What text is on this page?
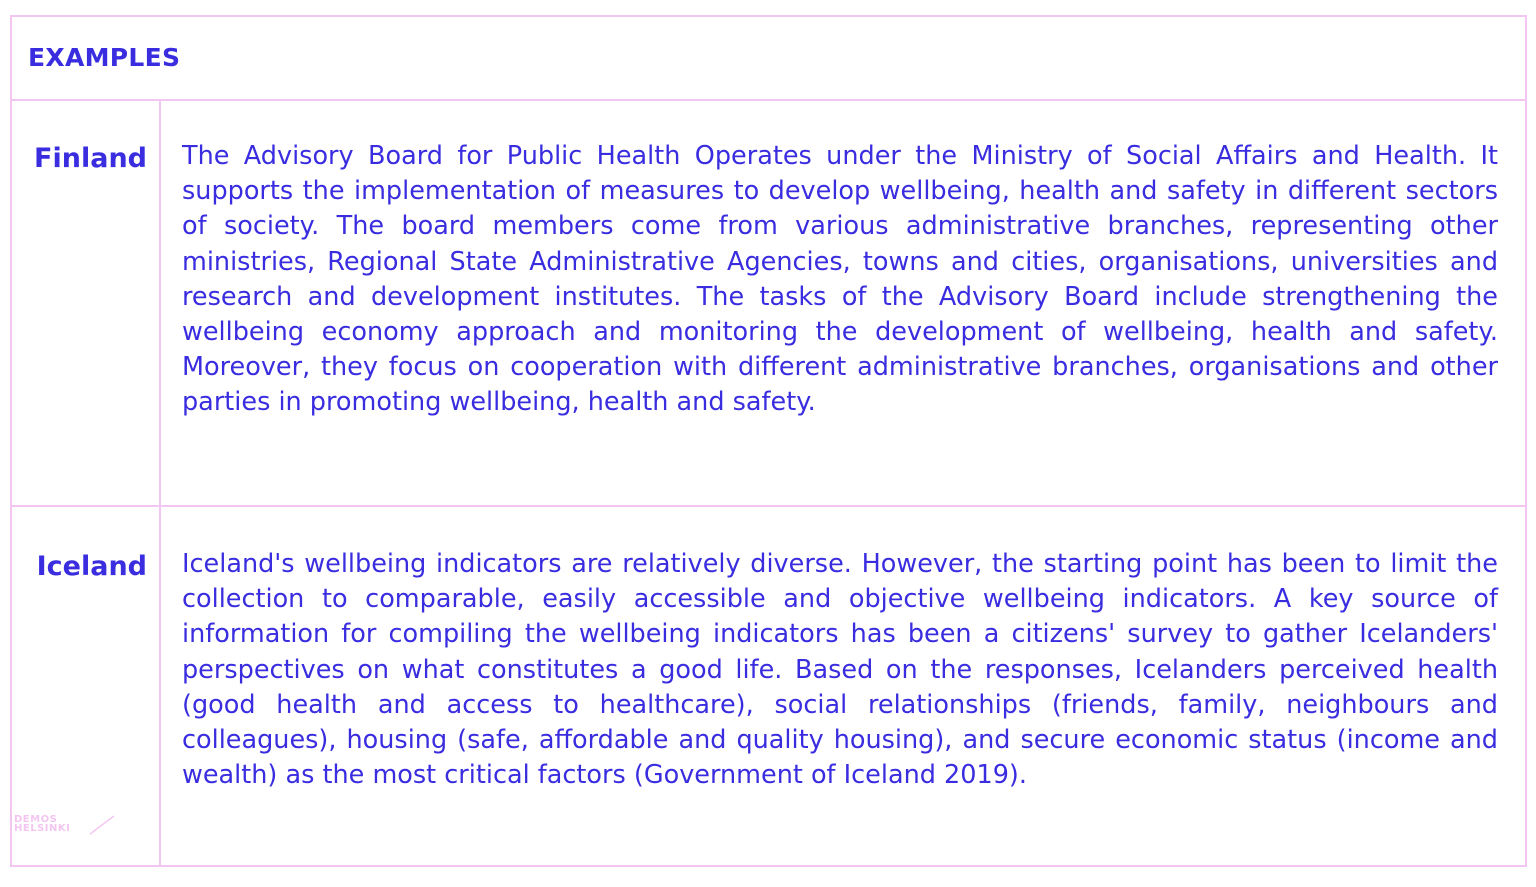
EXAMPLES
Finland The Advisory Board for Public Health Operates under the Ministry of Social Affairs and Health. It supports the implementation of measures to develop wellbeing, health and safety in different sectors of society. The board members come from various administrative branches, representing other ministries, Regional State Administrative Agencies, towns and cities, organisations, universities and research and development institutes. The tasks of the Advisory Board include strengthening the wellbeing economy approach and monitoring the development of wellbeing, health and safety. Moreover, they focus on cooperation with different administrative branches, organisations and other parties in promoting wellbeing, health and safety.

Iceland Iceland's wellbeing indicators are relatively diverse. However, the starting point has been to limit the collection to comparable, easily accessible and objective wellbeing indicators. A key source of information for compiling the wellbeing indicators has been a citizens' survey to gather Icelanders' perspectives on what constitutes a good life. Based on the responses, Icelanders perceived health (good health and access to healthcare), social relationships (friends, family, neighbours and colleagues), housing (safe, affordable and quality housing), and secure economic status (income and wealth) as the most critical factors (Government of Iceland 2019).

DEMOS
HELSINKI
